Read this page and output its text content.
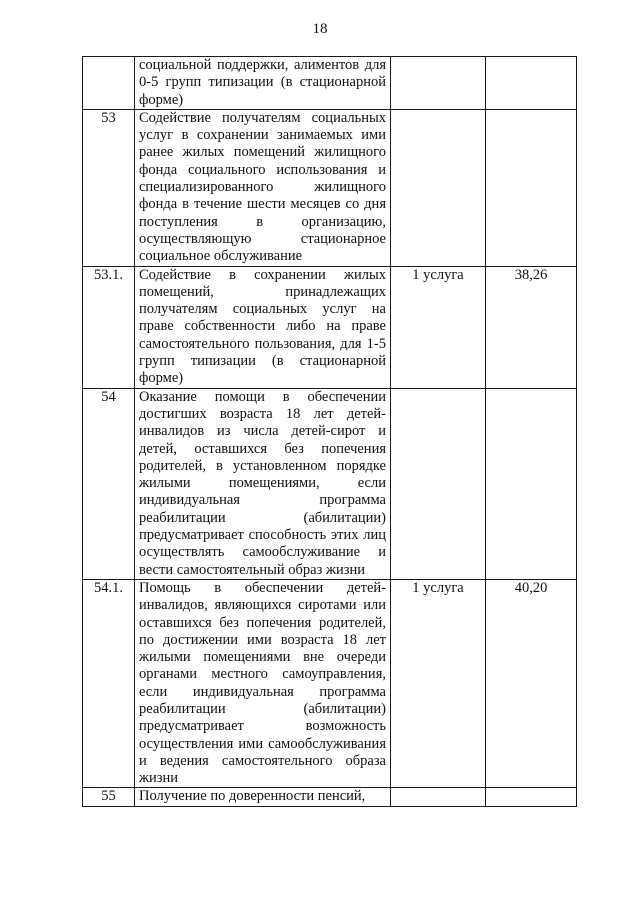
18
	социальной поддержки, алиментов для 0-5 групп типизации (в стационарной форме)		
53	Содействие получателям социальных услуг в сохранении занимаемых ими ранее жилых помещений жилищного фонда социального использования и специализированного жилищного фонда в течение шести месяцев со дня поступления в организацию, осуществляющую стационарное социальное обслуживание		
53.1.	Содействие в сохранении жилых помещений, принадлежащих получателям социальных услуг на праве собственности либо на праве самостоятельного пользования, для 1-5 групп типизации (в стационарной форме)	1 услуга	38,26
54	Оказание помощи в обеспечении достигших возраста 18 лет детей-инвалидов из числа детей-сирот и детей, оставшихся без попечения родителей, в установленном порядке жилыми помещениями, если индивидуальная программа реабилитации (абилитации) предусматривает способность этих лиц осуществлять самообслуживание и вести самостоятельный образ жизни		
54.1.	Помощь в обеспечении детей-инвалидов, являющихся сиротами или оставшихся без попечения родителей, по достижении ими возраста 18 лет жилыми помещениями вне очереди органами местного самоуправления, если индивидуальная программа реабилитации (абилитации) предусматривает возможность осуществления ими самообслуживания и ведения самостоятельного образа жизни	1 услуга	40,20
55	Получение по доверенности пенсий,		
